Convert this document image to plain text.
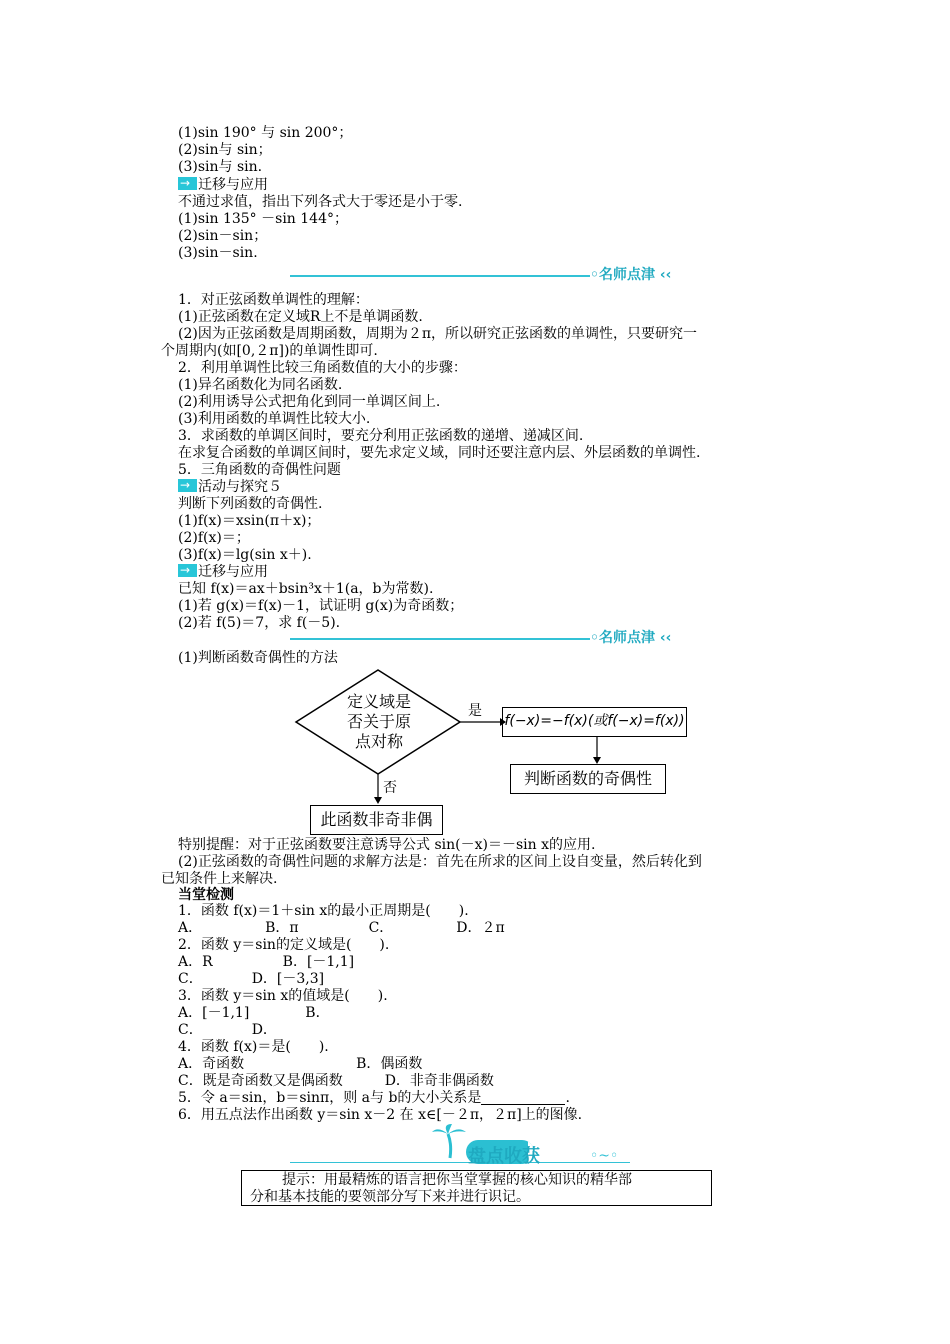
(1)sin 190° 与 sin 200°；
(2)sin与 sin；
(3)sin与 sin.
→迁移与应用
不通过求值，指出下列各式大于零还是小于零.
(1)sin 135° －sin 144°；
(2)sin－sin；
(3)sin－sin.
◦名师点津 ‹‹
1．对正弦函数单调性的理解：
(1)正弦函数在定义域R上不是单调函数.
(2)因为正弦函数是周期函数，周期为２π，所以研究正弦函数的单调性，只要研究一
个周期内(如[0,２π])的单调性即可.
2．利用单调性比较三角函数值的大小的步骤：
(1)异名函数化为同名函数.
(2)利用诱导公式把角化到同一单调区间上.
(3)利用函数的单调性比较大小.
3．求函数的单调区间时，要充分利用正弦函数的递增、递减区间.
在求复合函数的单调区间时，要先求定义域，同时还要注意内层、外层函数的单调性.
5．三角函数的奇偶性问题
→活动与探究５
判断下列函数的奇偶性.
(1)f(x)＝xsin(π＋x)；
(2)f(x)＝；
(3)f(x)＝lg(sin x＋).
→迁移与应用
已知 f(x)＝ax＋bsin³x＋1(a，b为常数).
(1)若 g(x)＝f(x)－1，试证明 g(x)为奇函数；
(2)若 f(5)＝7，求 f(－5).
◦名师点津 ‹‹
(1)判断函数奇偶性的方法
定义域是
否关于原
点对称
是
否
f(−x)=−f(x)(或f(−x)=f(x))
判断函数的奇偶性
此函数非奇非偶
特别提醒：对于正弦函数要注意诱导公式 sin(－x)＝－sin x的应用.
(2)正弦函数的奇偶性问题的求解方法是：首先在所求的区间上设自变量，然后转化到
已知条件上来解决.
当堂检测
1．函数 f(x)＝1＋sin x的最小正周期是(　　).
A．　　　　　B．π　　　　　C．　　　　　D．２π
2．函数 y＝sin的定义域是(　　).
A．R　　　　　B．[－1,1]
C．　　　　D．[－3,3]
3．函数 y＝sin x的值域是(　　).
A．[－1,1]　　　　B．
C．　　　　D．
4．函数 f(x)＝是(　　).
A．奇函数　　　　　　　　B．偶函数
C．既是奇函数又是偶函数　　　D．非奇非偶函数
5．令 a＝sin，b＝sinπ，则 a与 b的大小关系是	.
6．用五点法作出函数 y＝sin x－2 在 x∈[－２π，２π]上的图像.
盘点收获	◦~◦
提示：用最精炼的语言把你当堂掌握的核心知识的精华部
分和基本技能的要领部分写下来并进行识记。
